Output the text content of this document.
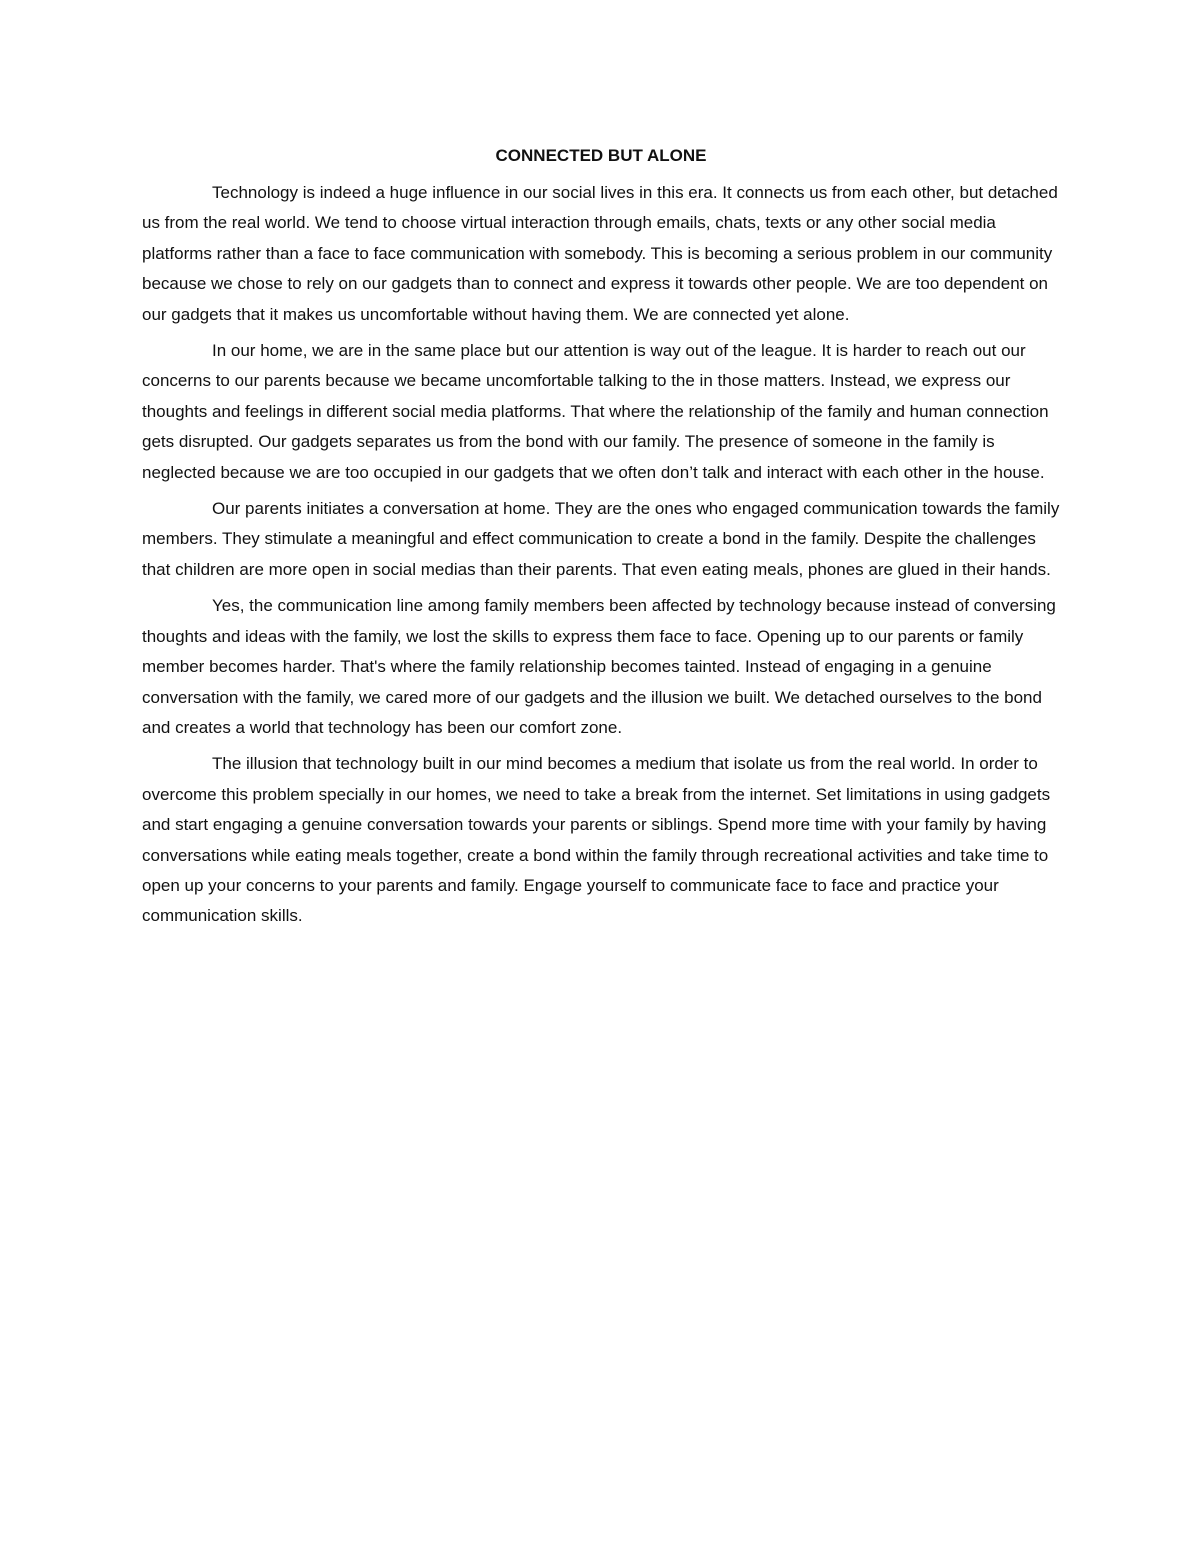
CONNECTED BUT ALONE

Technology is indeed a huge influence in our social lives in this era. It connects us from each other, but detached us from the real world. We tend to choose virtual interaction through emails, chats, texts or any other social media platforms rather than a face to face communication with somebody. This is becoming a serious problem in our community because we chose to rely on our gadgets than to connect and express it towards other people. We are too dependent on our gadgets that it makes us uncomfortable without having them. We are connected yet alone.

In our home, we are in the same place but our attention is way out of the league. It is harder to reach out our concerns to our parents because we became uncomfortable talking to the in those matters. Instead, we express our thoughts and feelings in different social media platforms. That where the relationship of the family and human connection gets disrupted. Our gadgets separates us from the bond with our family. The presence of someone in the family is neglected because we are too occupied in our gadgets that we often don’t talk and interact with each other in the house.

Our parents initiates a conversation at home. They are the ones who engaged communication towards the family members. They stimulate a meaningful and effect communication to create a bond in the family. Despite the challenges that children are more open in social medias than their parents. That even eating meals, phones are glued in their hands.

Yes, the communication line among family members been affected by technology because instead of conversing thoughts and ideas with the family, we lost the skills to express them face to face. Opening up to our parents or family member becomes harder. That's where the family relationship becomes tainted. Instead of engaging in a genuine conversation with the family, we cared more of our gadgets and the illusion we built. We detached ourselves to the bond and creates a world that technology has been our comfort zone.

The illusion that technology built in our mind becomes a medium that isolate us from the real world. In order to overcome this problem specially in our homes, we need to take a break from the internet. Set limitations in using gadgets and start engaging a genuine conversation towards your parents or siblings. Spend more time with your family by having conversations while eating meals together, create a bond within the family through recreational activities and take time to open up your concerns to your parents and family. Engage yourself to communicate face to face and practice your communication skills.
